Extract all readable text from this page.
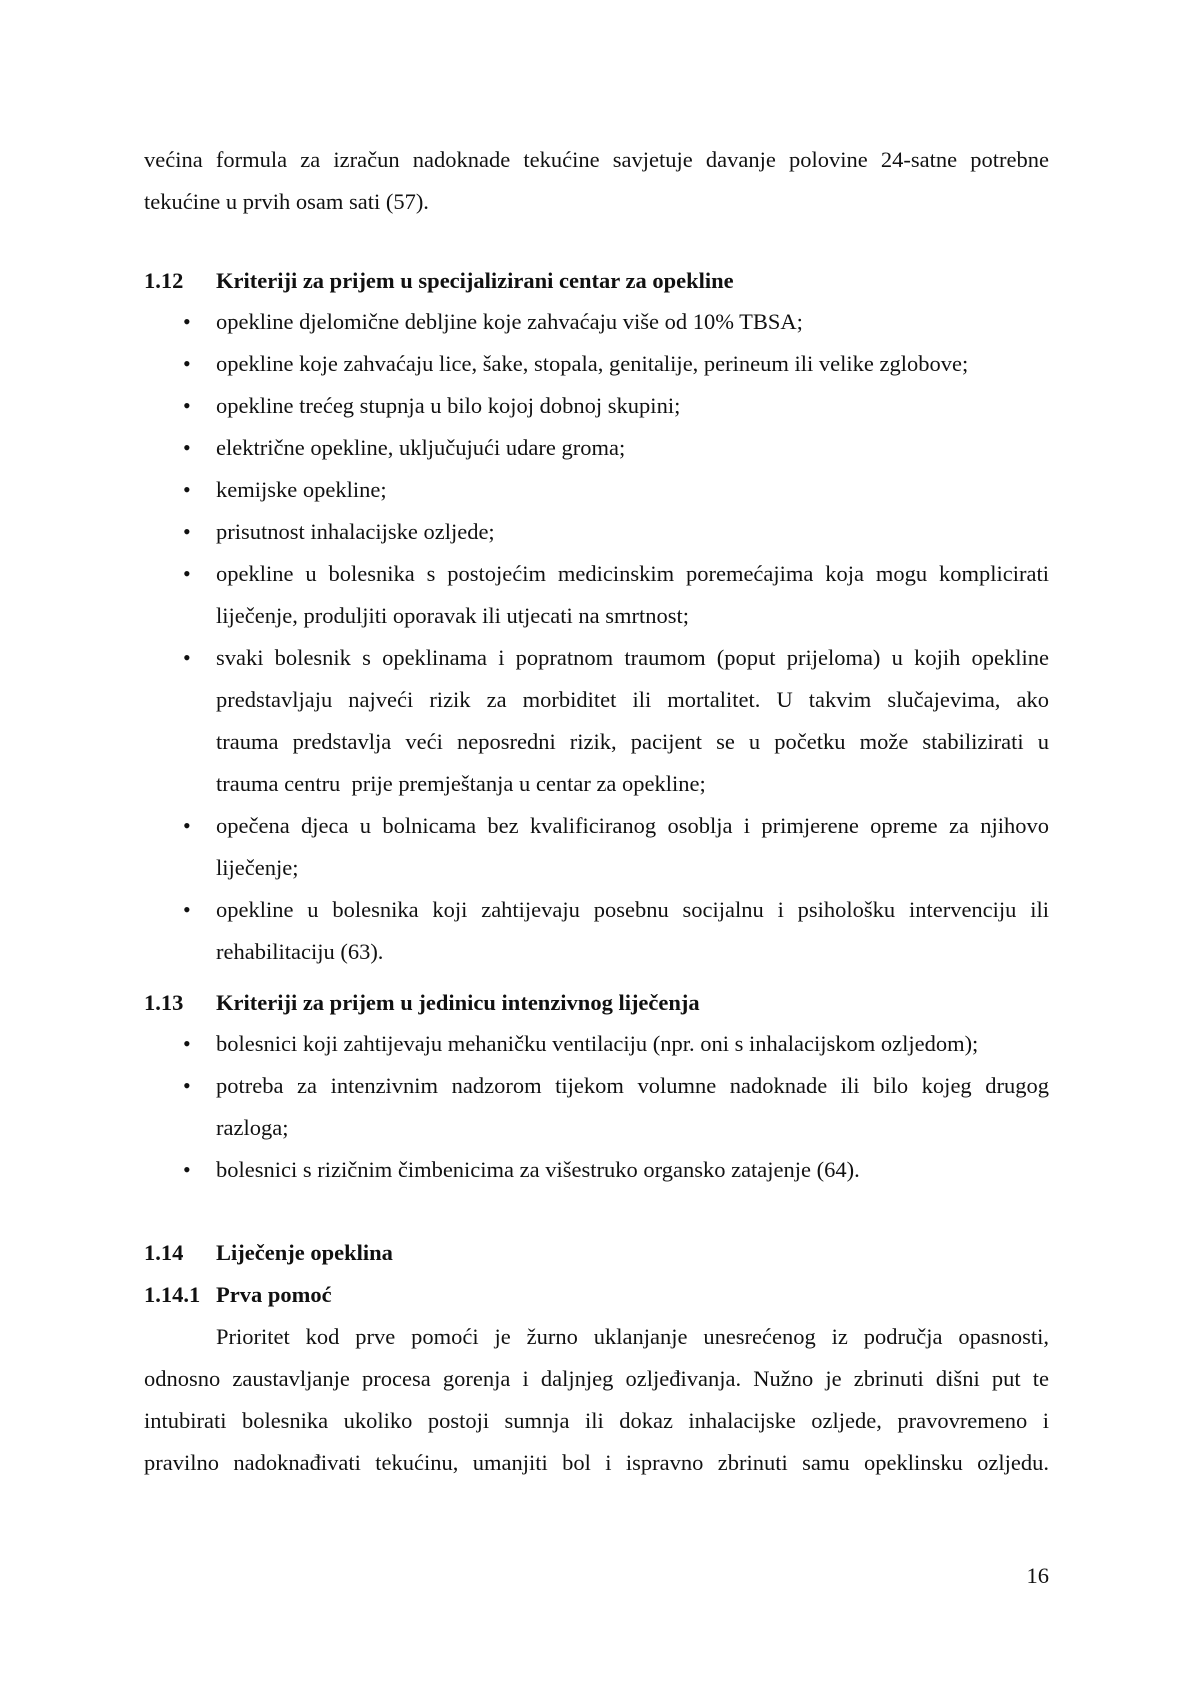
većina formula za izračun nadoknade tekućine savjetuje davanje polovine 24-satne potrebne
tekućine u prvih osam sati (57).
1.12 Kriteriji za prijem u specijalizirani centar za opekline
•	opekline djelomične debljine koje zahvaćaju više od 10% TBSA;
•	opekline koje zahvaćaju lice, šake, stopala, genitalije, perineum ili velike zglobove;
•	opekline trećeg stupnja u bilo kojoj dobnoj skupini;
•	električne opekline, uključujući udare groma;
•	kemijske opekline;
•	prisutnost inhalacijske ozljede;
•	opekline u bolesnika s postojećim medicinskim poremećajima koja mogu komplicirati
liječenje, produljiti oporavak ili utjecati na smrtnost;
•	svaki bolesnik s opeklinama i popratnom traumom (poput prijeloma) u kojih opekline
predstavljaju najveći rizik za morbiditet ili mortalitet. U takvim slučajevima, ako
trauma predstavlja veći neposredni rizik, pacijent se u početku može stabilizirati u
trauma centru  prije premještanja u centar za opekline;
•	opečena djeca u bolnicama bez kvalificiranog osoblja i primjerene opreme za njihovo
liječenje;
•	opekline u bolesnika koji zahtijevaju posebnu socijalnu i psihološku intervenciju ili
rehabilitaciju (63).
1.13 Kriteriji za prijem u jedinicu intenzivnog liječenja
•	bolesnici koji zahtijevaju mehaničku ventilaciju (npr. oni s inhalacijskom ozljedom);
•	potreba za intenzivnim nadzorom tijekom volumne nadoknade ili bilo kojeg drugog
razloga;
•	bolesnici s rizičnim čimbenicima za višestruko organsko zatajenje (64).
1.14 Liječenje opeklina
1.14.1 Prva pomoć
Prioritet kod prve pomoći je žurno uklanjanje unesrećenog iz područja opasnosti,
odnosno zaustavljanje procesa gorenja i daljnjeg ozljeđivanja. Nužno je zbrinuti dišni put te
intubirati bolesnika ukoliko postoji sumnja ili dokaz inhalacijske ozljede, pravovremeno i
pravilno nadoknađivati tekućinu, umanjiti bol i ispravno zbrinuti samu opeklinsku ozljedu.
16
